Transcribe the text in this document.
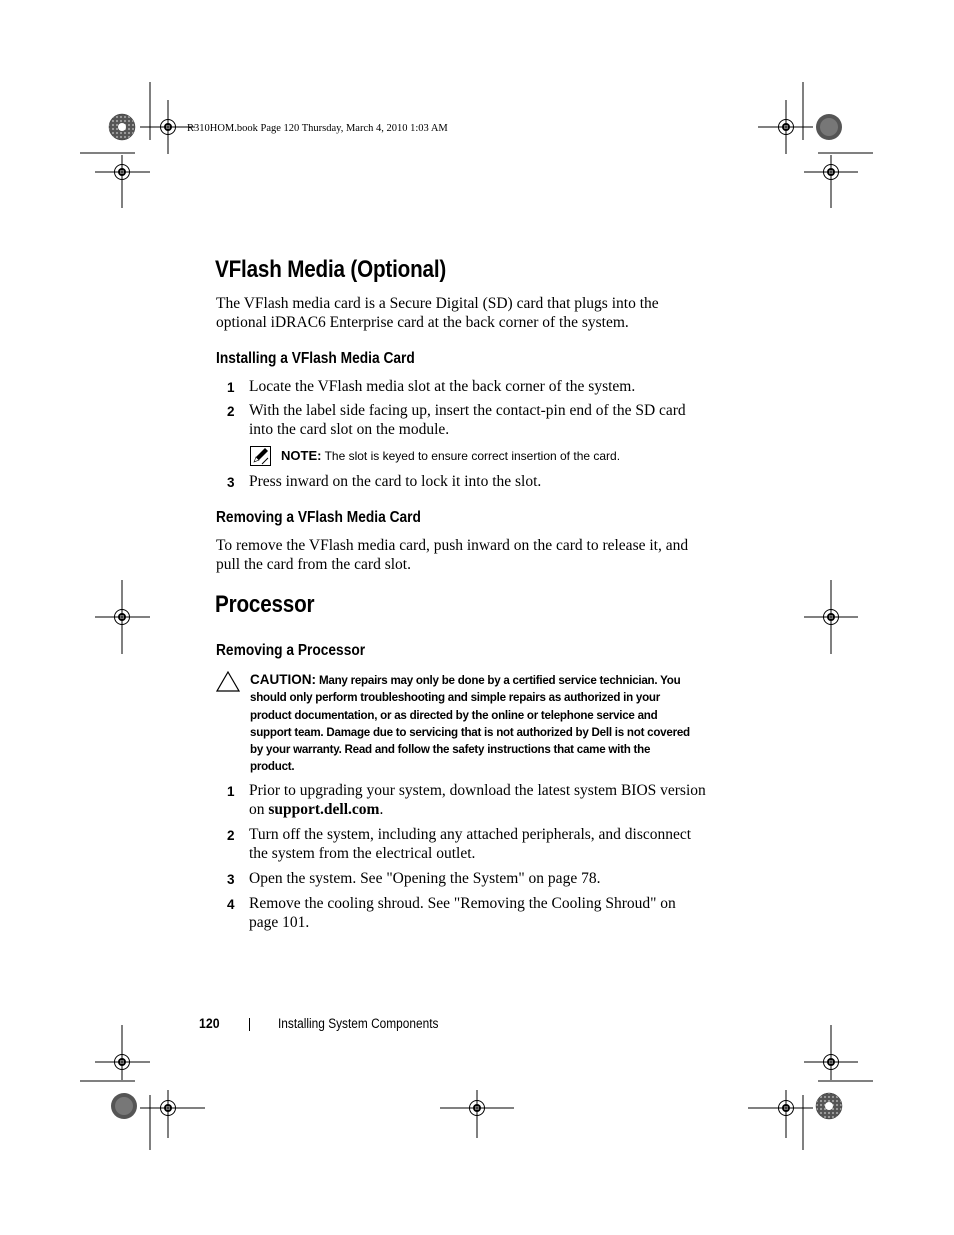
R310HOM.book Page 120 Thursday, March 4, 2010 1:03 AM
VFlash Media (Optional)
The VFlash media card is a Secure Digital (SD) card that plugs into the
optional iDRAC6 Enterprise card at the back corner of the system.
Installing a VFlash Media Card
1 Locate the VFlash media slot at the back corner of the system.
2 With the label side facing up, insert the contact-pin end of the SD card
into the card slot on the module.
NOTE: The slot is keyed to ensure correct insertion of the card.
3 Press inward on the card to lock it into the slot.
Removing a VFlash Media Card
To remove the VFlash media card, push inward on the card to release it, and
pull the card from the card slot.
Processor
Removing a Processor
CAUTION: Many repairs may only be done by a certified service technician. You
should only perform troubleshooting and simple repairs as authorized in your
product documentation, or as directed by the online or telephone service and
support team. Damage due to servicing that is not authorized by Dell is not covered
by your warranty. Read and follow the safety instructions that came with the
product.
1 Prior to upgrading your system, download the latest system BIOS version
on support.dell.com.
2 Turn off the system, including any attached peripherals, and disconnect
the system from the electrical outlet.
3 Open the system. See "Opening the System" on page 78.
4 Remove the cooling shroud. See "Removing the Cooling Shroud" on
page 101.
120	Installing System Components
